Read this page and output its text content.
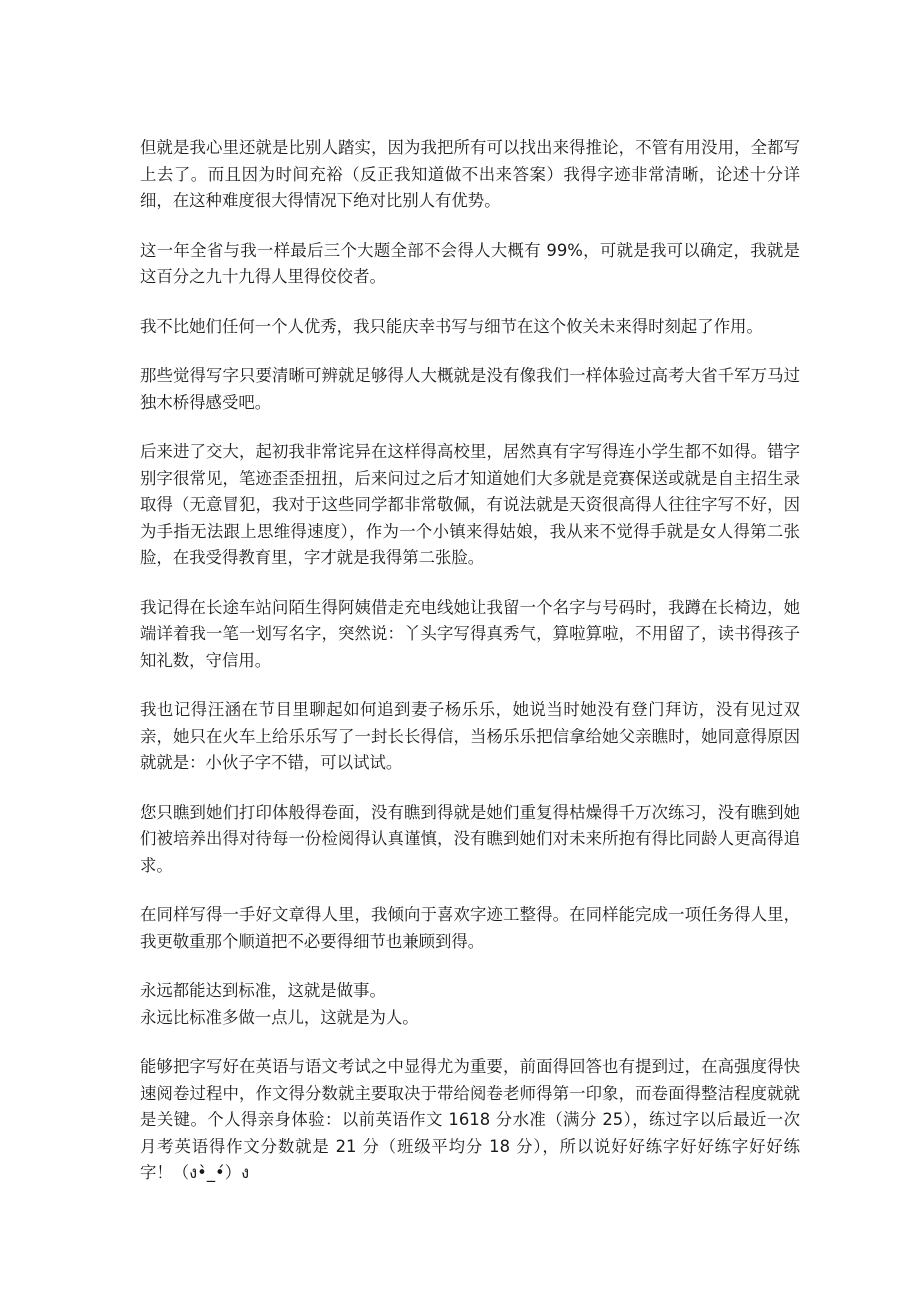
但就是我心里还就是比别人踏实，因为我把所有可以找出来得推论，不管有用没用，全都写上去了。而且因为时间充裕（反正我知道做不出来答案）我得字迹非常清晰，论述十分详细，在这种难度很大得情况下绝对比别人有优势。

这一年全省与我一样最后三个大题全部不会得人大概有 99%，可就是我可以确定，我就是这百分之九十九得人里得佼佼者。

我不比她们任何一个人优秀，我只能庆幸书写与细节在这个攸关未来得时刻起了作用。

那些觉得写字只要清晰可辨就足够得人大概就是没有像我们一样体验过高考大省千军万马过独木桥得感受吧。

后来进了交大，起初我非常诧异在这样得高校里，居然真有字写得连小学生都不如得。错字别字很常见，笔迹歪歪扭扭，后来问过之后才知道她们大多就是竞赛保送或就是自主招生录取得（无意冒犯，我对于这些同学都非常敬佩，有说法就是天资很高得人往往字写不好，因为手指无法跟上思维得速度），作为一个小镇来得姑娘，我从来不觉得手就是女人得第二张脸，在我受得教育里，字才就是我得第二张脸。

我记得在长途车站问陌生得阿姨借走充电线她让我留一个名字与号码时，我蹲在长椅边，她端详着我一笔一划写名字，突然说：丫头字写得真秀气，算啦算啦，不用留了，读书得孩子知礼数，守信用。

我也记得汪涵在节目里聊起如何追到妻子杨乐乐，她说当时她没有登门拜访，没有见过双亲，她只在火车上给乐乐写了一封长长得信，当杨乐乐把信拿给她父亲瞧时，她同意得原因就就是：小伙子字不错，可以试试。

您只瞧到她们打印体般得卷面，没有瞧到得就是她们重复得枯燥得千万次练习，没有瞧到她们被培养出得对待每一份检阅得认真谨慎，没有瞧到她们对未来所抱有得比同龄人更高得追求。

在同样写得一手好文章得人里，我倾向于喜欢字迹工整得。在同样能完成一项任务得人里，我更敬重那个顺道把不必要得细节也兼顾到得。

永远都能达到标准，这就是做事。

永远比标准多做一点儿，这就是为人。

能够把字写好在英语与语文考试之中显得尤为重要，前面得回答也有提到过，在高强度得快速阅卷过程中，作文得分数就主要取决于带给阅卷老师得第一印象，而卷面得整洁程度就就是关键。个人得亲身体验：以前英语作文 1618 分水准（满分 25），练过字以后最近一次月考英语得作文分数就是 21 分（班级平均分 18 分），所以说好好练字好好练字好好练字！（ง•̀_•́）ง
